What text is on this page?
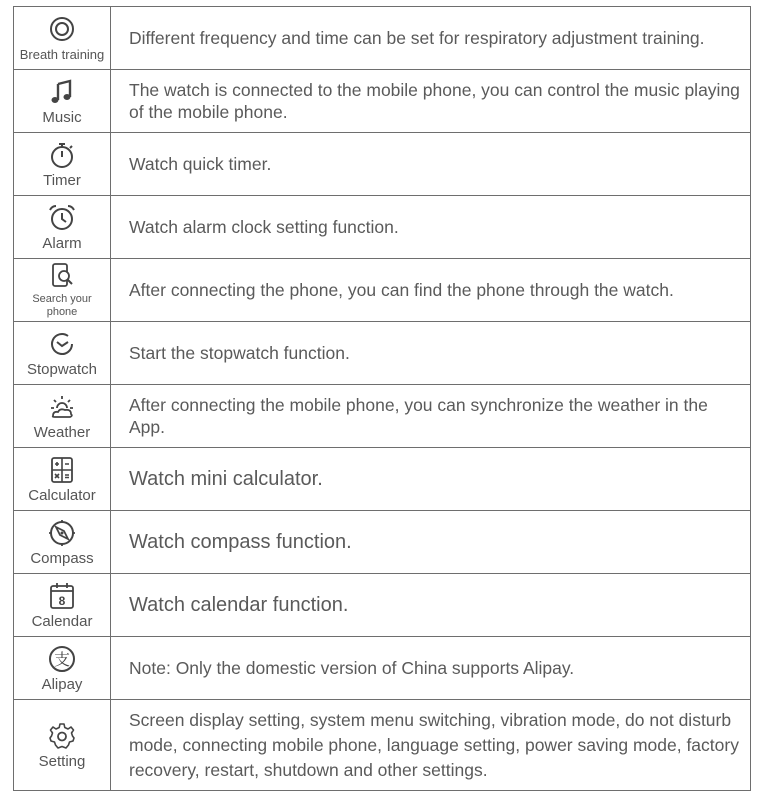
Breath training	Different frequency and time can be set for respiratory adjustment training.

Music	The watch is connected to the mobile phone, you can control the music playing of the mobile phone.

Timer	Watch quick timer.

Alarm	Watch alarm clock setting function.

Search your phone	After connecting the phone, you can find the phone through the watch.

Stopwatch	Start the stopwatch function.

Weather	After connecting the mobile phone, you can synchronize the weather in the App.

Calculator	Watch mini calculator.

Compass	Watch compass function.

8
Calendar	Watch calendar function.

支
Alipay	Note: Only the domestic version of China supports Alipay.

Setting	Screen display setting, system menu switching, vibration mode, do not disturb mode, connecting mobile phone, language setting, power saving mode, factory recovery, restart, shutdown and other settings.
